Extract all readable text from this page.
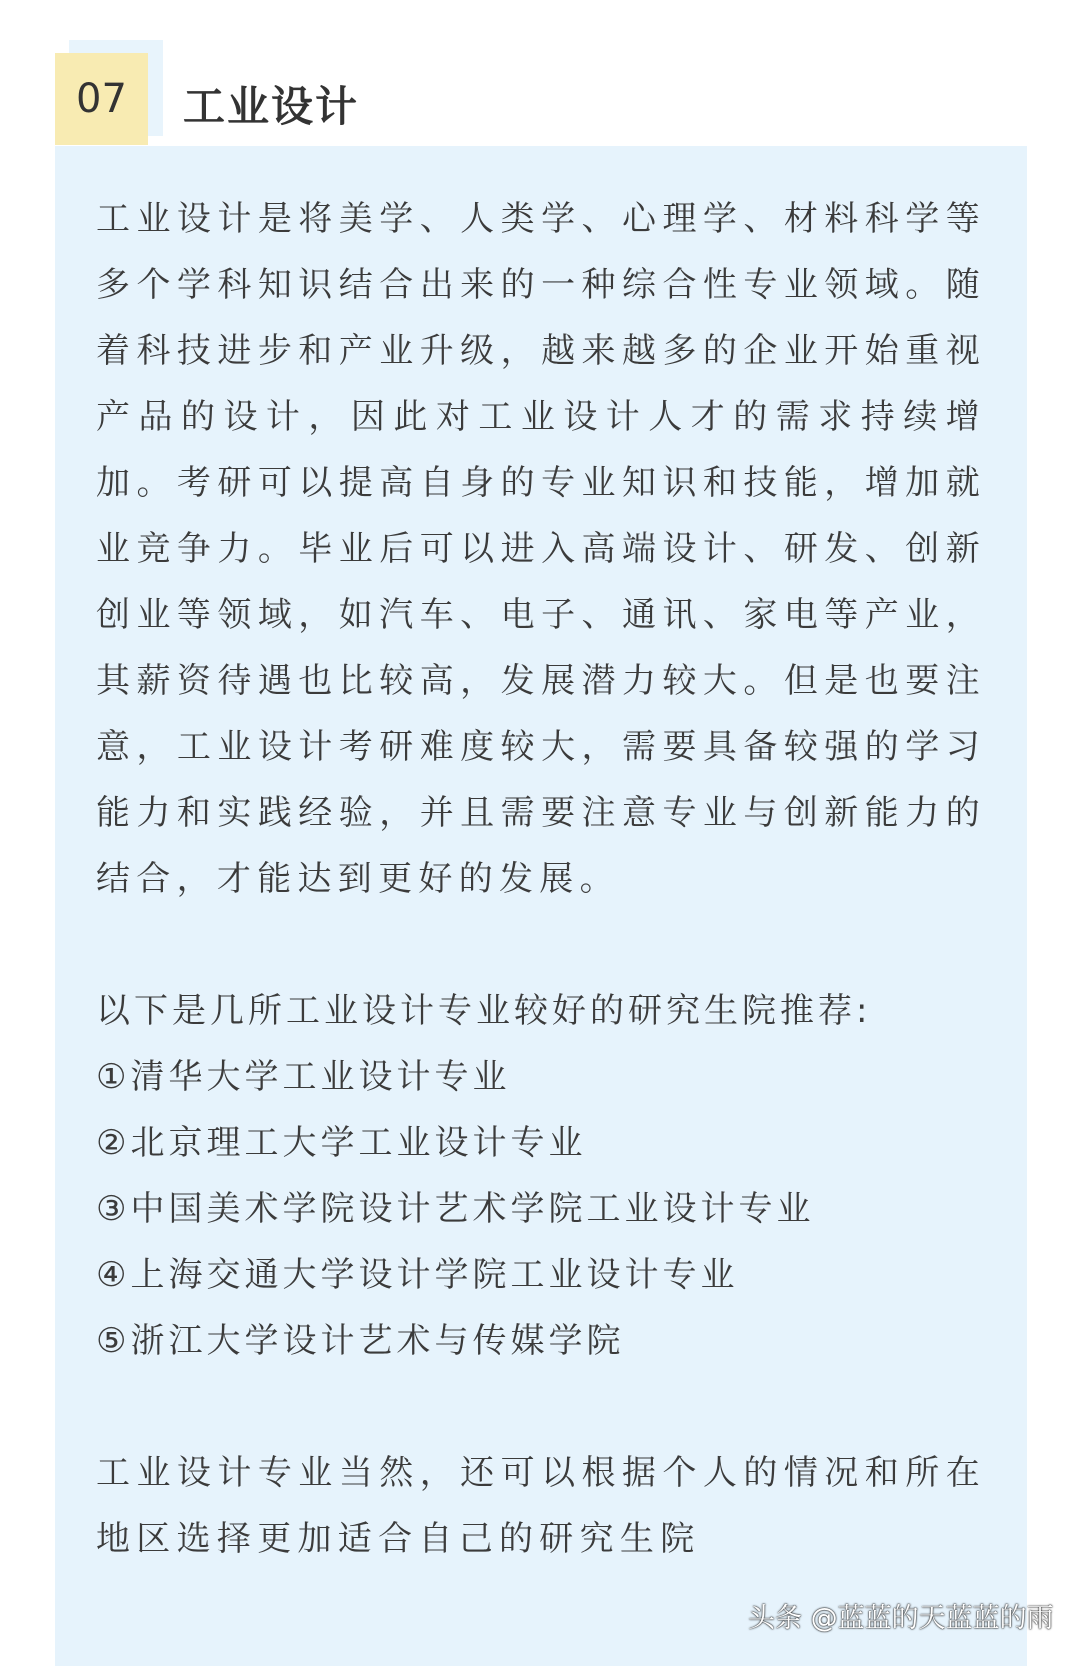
07	工业设计

工业设计是将美学、人类学、心理学、材料科学等多个学科知识结合出来的一种综合性专业领域。随着科技进步和产业升级，越来越多的企业开始重视产品的设计，因此对工业设计人才的需求持续增加。考研可以提高自身的专业知识和技能，增加就业竞争力。毕业后可以进入高端设计、研发、创新创业等领域，如汽车、电子、通讯、家电等产业，其薪资待遇也比较高，发展潜力较大。但是也要注意，工业设计考研难度较大，需要具备较强的学习能力和实践经验，并且需要注意专业与创新能力的结合，才能达到更好的发展。

以下是几所工业设计专业较好的研究生院推荐:

①清华大学工业设计专业

②北京理工大学工业设计专业

③中国美术学院设计艺术学院工业设计专业

④上海交通大学设计学院工业设计专业

⑤浙江大学设计艺术与传媒学院

工业设计专业当然，还可以根据个人的情况和所在地区选择更加适合自己的研究生院

头条 @蓝蓝的天蓝蓝的雨
